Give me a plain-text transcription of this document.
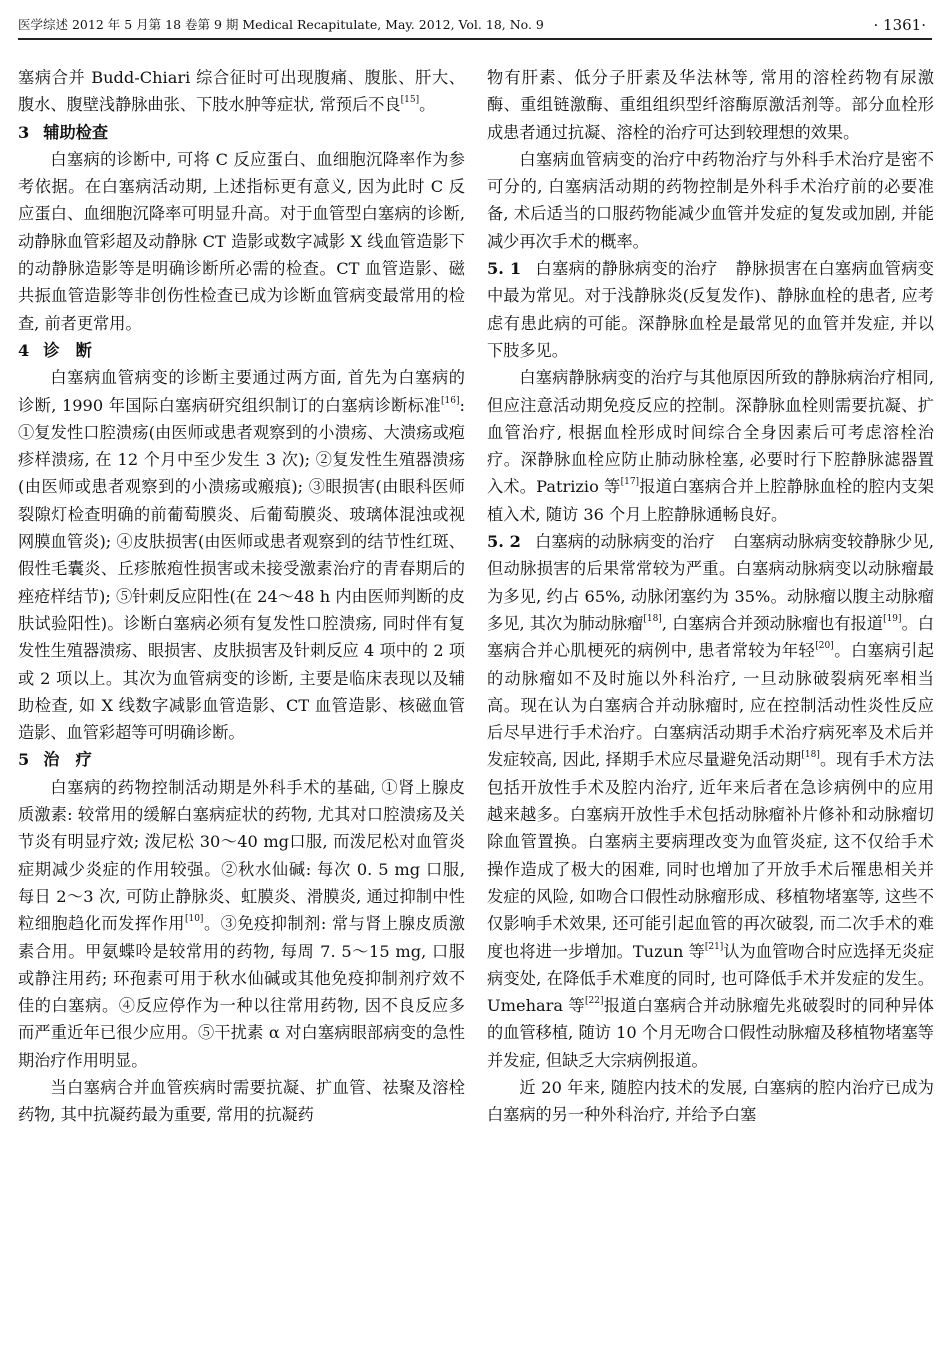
医学综述 2012 年 5 月第 18 卷第 9 期 Medical Recapitulate, May. 2012, Vol. 18, No. 9	· 1361·

塞病合并 Budd-Chiari 综合征时可出现腹痛、腹胀、肝大、腹水、腹壁浅静脉曲张、下肢水肿等症状, 常预后不良[15]。

3 辅助检查

白塞病的诊断中, 可将 C 反应蛋白、血细胞沉降率作为参考依据。在白塞病活动期, 上述指标更有意义, 因为此时 C 反应蛋白、血细胞沉降率可明显升高。对于血管型白塞病的诊断, 动静脉血管彩超及动静脉 CT 造影或数字减影 X 线血管造影下的动静脉造影等是明确诊断所必需的检查。CT 血管造影、磁共振血管造影等非创伤性检查已成为诊断血管病变最常用的检查, 前者更常用。

4 诊　断

白塞病血管病变的诊断主要通过两方面, 首先为白塞病的诊断, 1990 年国际白塞病研究组织制订的白塞病诊断标准[16]: ①复发性口腔溃疡(由医师或患者观察到的小溃疡、大溃疡或疱疹样溃疡, 在 12 个月中至少发生 3 次); ②复发性生殖器溃疡(由医师或患者观察到的小溃疡或瘢痕); ③眼损害(由眼科医师裂隙灯检查明确的前葡萄膜炎、后葡萄膜炎、玻璃体混浊或视网膜血管炎); ④皮肤损害(由医师或患者观察到的结节性红斑、假性毛囊炎、丘疹脓疱性损害或未接受激素治疗的青春期后的痤疮样结节); ⑤针刺反应阳性(在 24～48 h 内由医师判断的皮肤试验阳性)。诊断白塞病必须有复发性口腔溃疡, 同时伴有复发性生殖器溃疡、眼损害、皮肤损害及针刺反应 4 项中的 2 项或 2 项以上。其次为血管病变的诊断, 主要是临床表现以及辅助检查, 如 X 线数字减影血管造影、CT 血管造影、核磁血管造影、血管彩超等可明确诊断。

5 治　疗

白塞病的药物控制活动期是外科手术的基础, ①肾上腺皮质激素: 较常用的缓解白塞病症状的药物, 尤其对口腔溃疡及关节炎有明显疗效; 泼尼松 30～40 mg口服, 而泼尼松对血管炎症期减少炎症的作用较强。②秋水仙碱: 每次 0. 5 mg 口服, 每日 2～3 次, 可防止静脉炎、虹膜炎、滑膜炎, 通过抑制中性粒细胞趋化而发挥作用[10]。③免疫抑制剂: 常与肾上腺皮质激素合用。甲氨蝶呤是较常用的药物, 每周 7. 5～15 mg, 口服或静注用药; 环孢素可用于秋水仙碱或其他免疫抑制剂疗效不佳的白塞病。④反应停作为一种以往常用药物, 因不良反应多而严重近年已很少应用。⑤干扰素 α 对白塞病眼部病变的急性期治疗作用明显。

当白塞病合并血管疾病时需要抗凝、扩血管、祛聚及溶栓药物, 其中抗凝药最为重要, 常用的抗凝药

物有肝素、低分子肝素及华法林等, 常用的溶栓药物有尿激酶、重组链激酶、重组组织型纤溶酶原激活剂等。部分血栓形成患者通过抗凝、溶栓的治疗可达到较理想的效果。

白塞病血管病变的治疗中药物治疗与外科手术治疗是密不可分的, 白塞病活动期的药物控制是外科手术治疗前的必要准备, 术后适当的口服药物能减少血管并发症的复发或加剧, 并能减少再次手术的概率。

5. 1 白塞病的静脉病变的治疗 静脉损害在白塞病血管病变中最为常见。对于浅静脉炎(反复发作)、静脉血栓的患者, 应考虑有患此病的可能。深静脉血栓是最常见的血管并发症, 并以下肢多见。

白塞病静脉病变的治疗与其他原因所致的静脉病治疗相同, 但应注意活动期免疫反应的控制。深静脉血栓则需要抗凝、扩血管治疗, 根据血栓形成时间综合全身因素后可考虑溶栓治疗。深静脉血栓应防止肺动脉栓塞, 必要时行下腔静脉滤器置入术。Patrizio 等[17]报道白塞病合并上腔静脉血栓的腔内支架植入术, 随访 36 个月上腔静脉通畅良好。

5. 2 白塞病的动脉病变的治疗 白塞病动脉病变较静脉少见, 但动脉损害的后果常常较为严重。白塞病动脉病变以动脉瘤最为多见, 约占 65%, 动脉闭塞约为 35%。动脉瘤以腹主动脉瘤多见, 其次为肺动脉瘤[18], 白塞病合并颈动脉瘤也有报道[19]。白塞病合并心肌梗死的病例中, 患者常较为年轻[20]。白塞病引起的动脉瘤如不及时施以外科治疗, 一旦动脉破裂病死率相当高。现在认为白塞病合并动脉瘤时, 应在控制活动性炎性反应后尽早进行手术治疗。白塞病活动期手术治疗病死率及术后并发症较高, 因此, 择期手术应尽量避免活动期[18]。现有手术方法包括开放性手术及腔内治疗, 近年来后者在急诊病例中的应用越来越多。白塞病开放性手术包括动脉瘤补片修补和动脉瘤切除血管置换。白塞病主要病理改变为血管炎症, 这不仅给手术操作造成了极大的困难, 同时也增加了开放手术后罹患相关并发症的风险, 如吻合口假性动脉瘤形成、移植物堵塞等, 这些不仅影响手术效果, 还可能引起血管的再次破裂, 而二次手术的难度也将进一步增加。Tuzun 等[21]认为血管吻合时应选择无炎症病变处, 在降低手术难度的同时, 也可降低手术并发症的发生。Umehara 等[22]报道白塞病合并动脉瘤先兆破裂时的同种异体的血管移植, 随访 10 个月无吻合口假性动脉瘤及移植物堵塞等并发症, 但缺乏大宗病例报道。

近 20 年来, 随腔内技术的发展, 白塞病的腔内治疗已成为白塞病的另一种外科治疗, 并给予白塞
